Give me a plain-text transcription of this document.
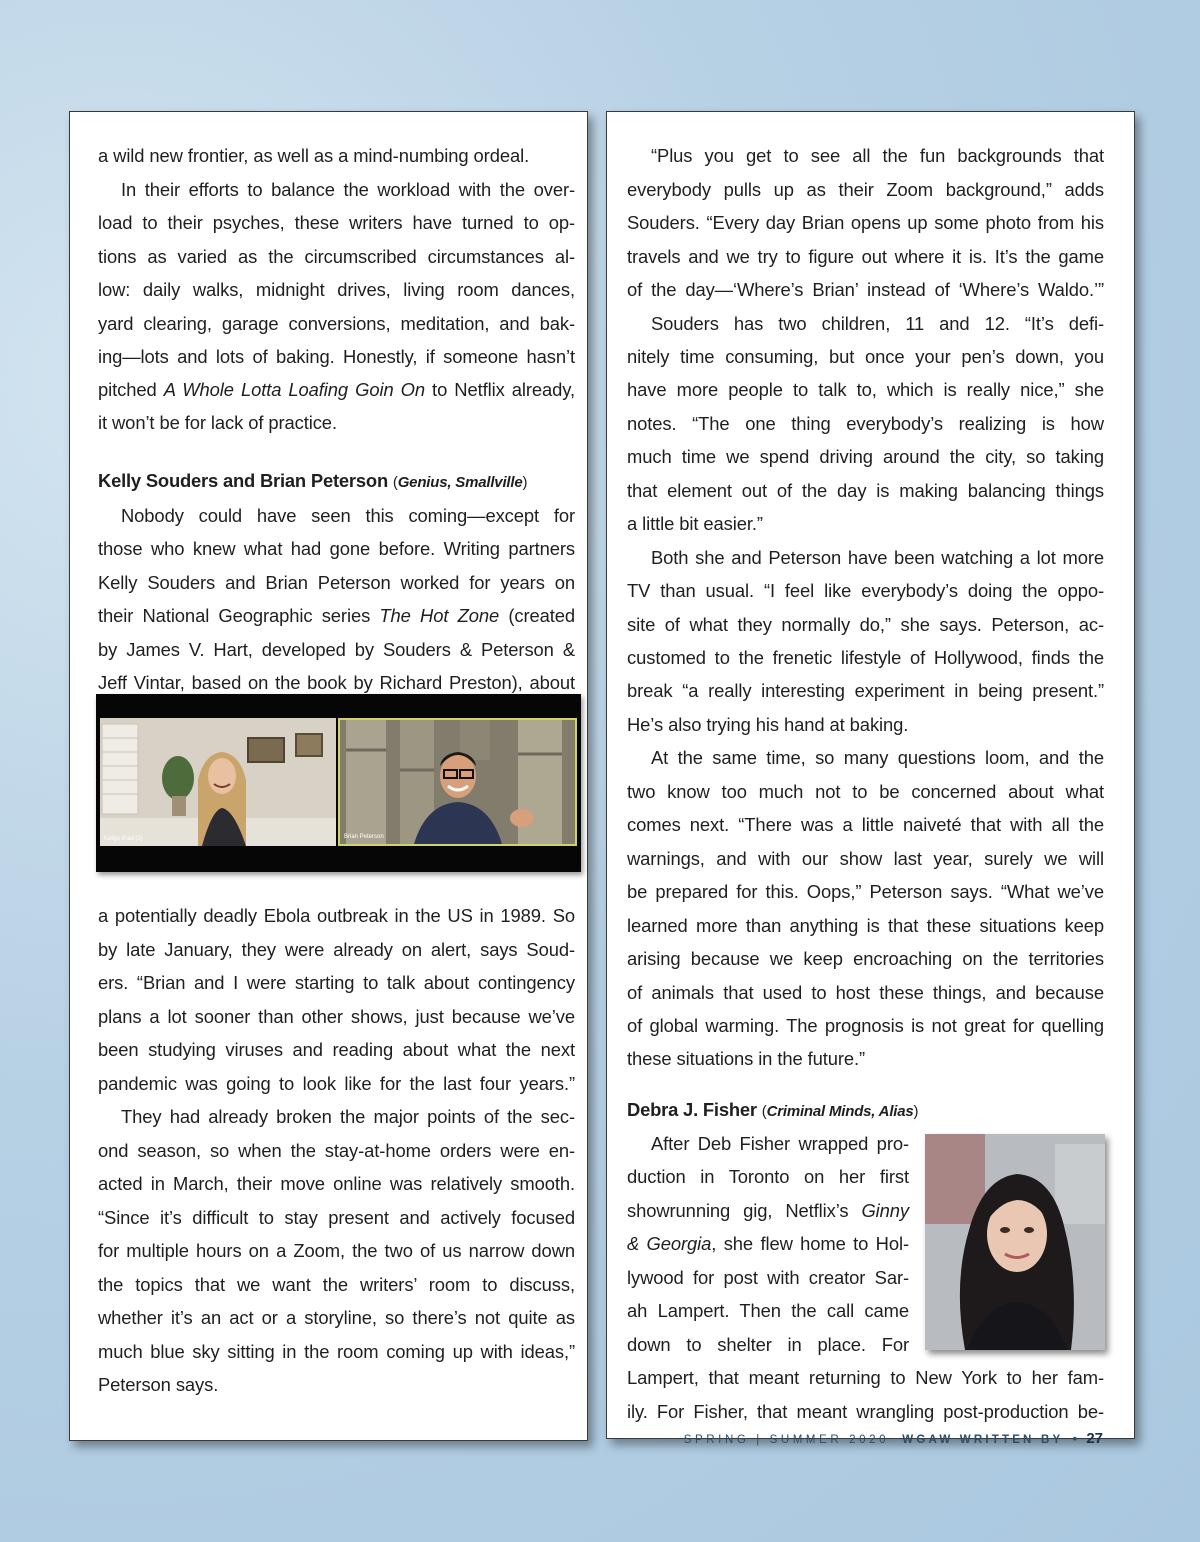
a wild new frontier, as well as a mind-numbing ordeal.

In their efforts to balance the workload with the over-

load to their psyches, these writers have turned to op-

tions as varied as the circumscribed circumstances al-

low: daily walks, midnight drives, living room dances,

yard clearing, garage conversions, meditation, and bak-

ing—lots and lots of baking. Honestly, if someone hasn’t

pitched A Whole Lotta Loafing Goin On to Netflix already,

it won’t be for lack of practice.

Kelly Souders and Brian Peterson (Genius, Smallville)

Nobody could have seen this coming—except for

those who knew what had gone before. Writing partners

Kelly Souders and Brian Peterson worked for years on

their National Geographic series The Hot Zone (created

by James V. Hart, developed by Souders & Peterson &

Jeff Vintar, based on the book by Richard Preston), about

Kellys iPad (2)	Brian Peterson

a potentially deadly Ebola outbreak in the US in 1989. So

by late January, they were already on alert, says Soud-

ers. “Brian and I were starting to talk about contingency

plans a lot sooner than other shows, just because we’ve

been studying viruses and reading about what the next

pandemic was going to look like for the last four years.”

They had already broken the major points of the sec-

ond season, so when the stay-at-home orders were en-

acted in March, their move online was relatively smooth.

“Since it’s difficult to stay present and actively focused

for multiple hours on a Zoom, the two of us narrow down

the topics that we want the writers’ room to discuss,

whether it’s an act or a storyline, so there’s not quite as

much blue sky sitting in the room coming up with ideas,”

Peterson says.

“Plus you get to see all the fun backgrounds that

everybody pulls up as their Zoom background,” adds

Souders. “Every day Brian opens up some photo from his

travels and we try to figure out where it is. It’s the game

of the day—‘Where’s Brian’ instead of ‘Where’s Waldo.’”

Souders has two children, 11 and 12. “It’s defi-

nitely time consuming, but once your pen’s down, you

have more people to talk to, which is really nice,” she

notes. “The one thing everybody’s realizing is how

much time we spend driving around the city, so taking

that element out of the day is making balancing things

a little bit easier.”

Both she and Peterson have been watching a lot more

TV than usual. “I feel like everybody’s doing the oppo-

site of what they normally do,” she says. Peterson, ac-

customed to the frenetic lifestyle of Hollywood, finds the

break “a really interesting experiment in being present.”

He’s also trying his hand at baking.

At the same time, so many questions loom, and the

two know too much not to be concerned about what

comes next. “There was a little naiveté that with all the

warnings, and with our show last year, surely we will

be prepared for this. Oops,” Peterson says. “What we’ve

learned more than anything is that these situations keep

arising because we keep encroaching on the territories

of animals that used to host these things, and because

of global warming. The prognosis is not great for quelling

these situations in the future.”

Debra J. Fisher (Criminal Minds, Alias)

After Deb Fisher wrapped pro-

duction in Toronto on her first

showrunning gig, Netflix’s Ginny

& Georgia, she flew home to Hol-

lywood for post with creator Sar-

ah Lampert. Then the call came

down to shelter in place. For

Lampert, that meant returning to New York to her fam-

ily. For Fisher, that meant wrangling post-production be-

SPRING | SUMMER 2020 WGAW WRITTEN BY • 27
